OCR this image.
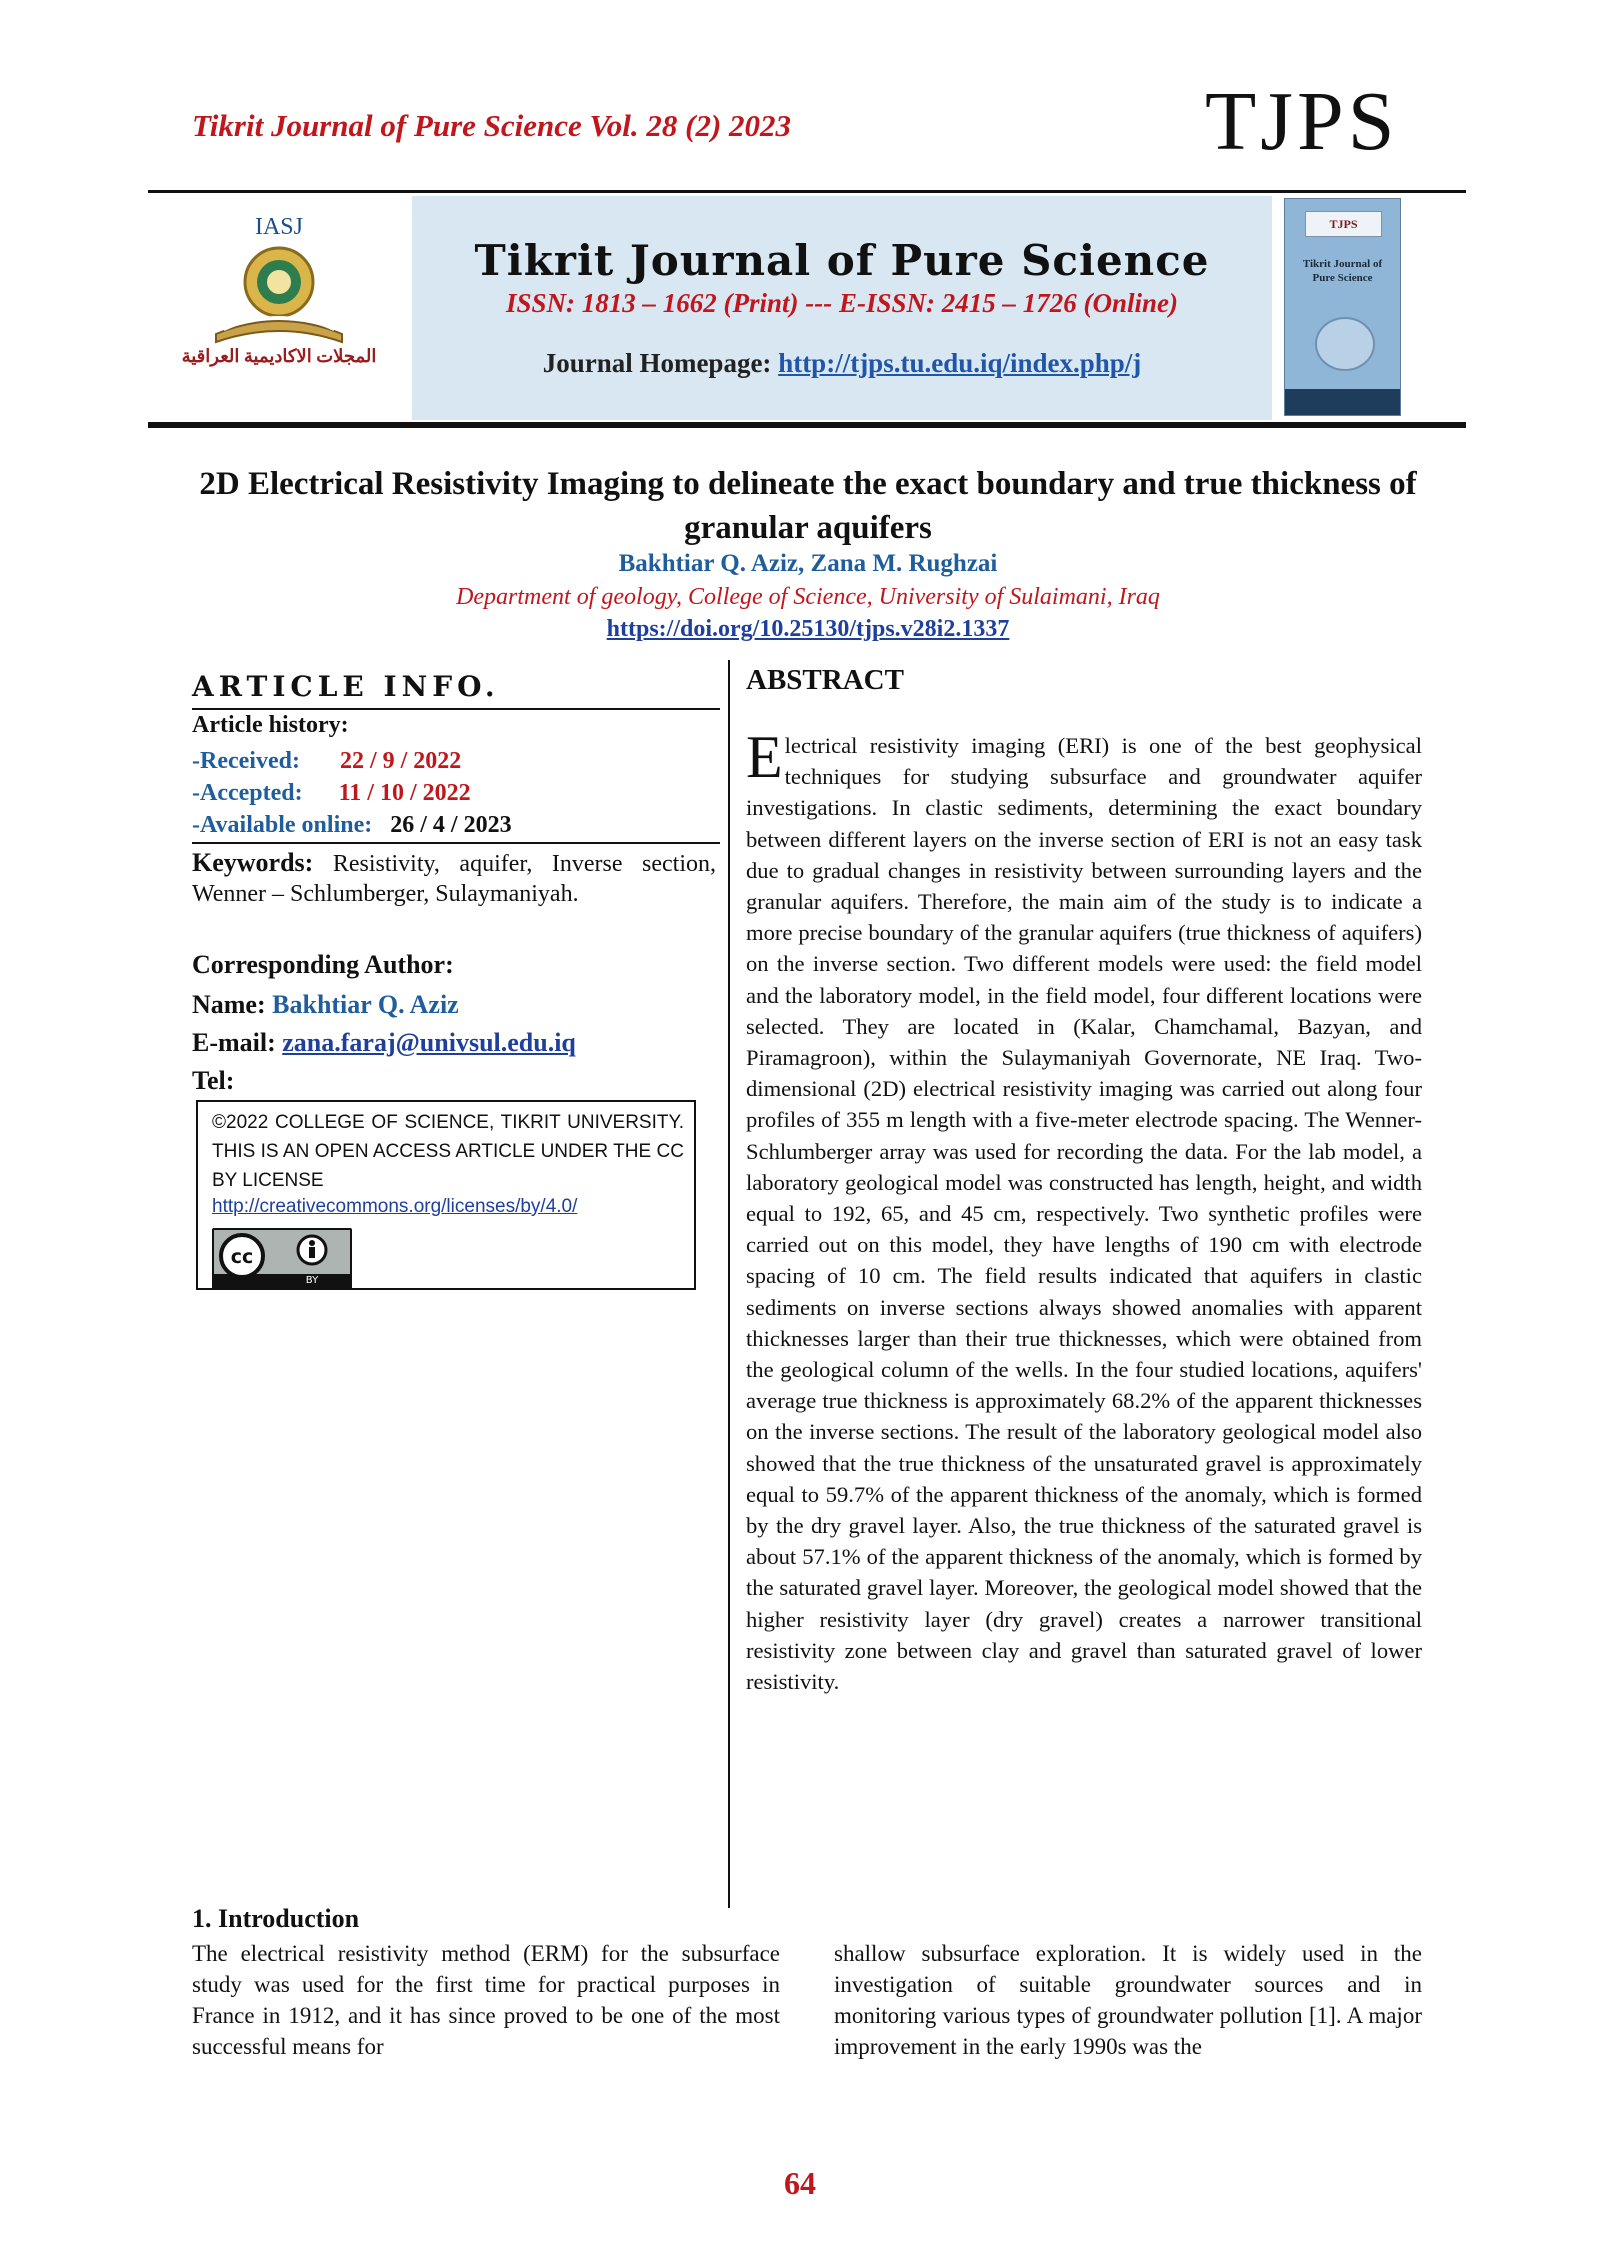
Tikrit Journal of Pure Science Vol. 28 (2) 2023	TJPS
IASJ
المجلات الاكاديمية العراقية
Tikrit Journal of Pure Science
ISSN: 1813 – 1662 (Print) --- E-ISSN: 2415 – 1726 (Online)
Journal Homepage: http://tjps.tu.edu.iq/index.php/j
TJPS
Tikrit Journal of Pure Science
2D Electrical Resistivity Imaging to delineate the exact boundary and true thickness of granular aquifers
Bakhtiar Q. Aziz, Zana M. Rughzai
Department of geology, College of Science, University of Sulaimani, Iraq
https://doi.org/10.25130/tjps.v28i2.1337
ARTICLE INFO.
Article history:
-Received: 22 / 9 / 2022
-Accepted: 11 / 10 / 2022
-Available online: 26 / 4 / 2023
Keywords: Resistivity, aquifer, Inverse section, Wenner – Schlumberger, Sulaymaniyah.
Corresponding Author:
Name: Bakhtiar Q. Aziz
E-mail: zana.faraj@univsul.edu.iq
Tel:
©2022 COLLEGE OF SCIENCE, TIKRIT UNIVERSITY. THIS IS AN OPEN ACCESS ARTICLE UNDER THE CC BY LICENSE
http://creativecommons.org/licenses/by/4.0/
cc
BY
ABSTRACT
Electrical resistivity imaging (ERI) is one of the best geophysical techniques for studying subsurface and groundwater aquifer investigations. In clastic sediments, determining the exact boundary between different layers on the inverse section of ERI is not an easy task due to gradual changes in resistivity between surrounding layers and the granular aquifers. Therefore, the main aim of the study is to indicate a more precise boundary of the granular aquifers (true thickness of aquifers) on the inverse section. Two different models were used: the field model and the laboratory model, in the field model, four different locations were selected. They are located in (Kalar, Chamchamal, Bazyan, and Piramagroon), within the Sulaymaniyah Governorate, NE Iraq. Two-dimensional (2D) electrical resistivity imaging was carried out along four profiles of 355 m length with a five-meter electrode spacing. The Wenner-Schlumberger array was used for recording the data. For the lab model, a laboratory geological model was constructed has length, height, and width equal to 192, 65, and 45 cm, respectively. Two synthetic profiles were carried out on this model, they have lengths of 190 cm with electrode spacing of 10 cm. The field results indicated that aquifers in clastic sediments on inverse sections always showed anomalies with apparent thicknesses larger than their true thicknesses, which were obtained from the geological column of the wells. In the four studied locations, aquifers' average true thickness is approximately 68.2% of the apparent thicknesses on the inverse sections. The result of the laboratory geological model also showed that the true thickness of the unsaturated gravel is approximately equal to 59.7% of the apparent thickness of the anomaly, which is formed by the dry gravel layer. Also, the true thickness of the saturated gravel is about 57.1% of the apparent thickness of the anomaly, which is formed by the saturated gravel layer. Moreover, the geological model showed that the higher resistivity layer (dry gravel) creates a narrower transitional resistivity zone between clay and gravel than saturated gravel of lower resistivity.
1. Introduction
The electrical resistivity method (ERM) for the subsurface study was used for the first time for practical purposes in France in 1912, and it has since proved to be one of the most successful means for
shallow subsurface exploration. It is widely used in the investigation of suitable groundwater sources and in monitoring various types of groundwater pollution [1]. A major improvement in the early 1990s was the
64
